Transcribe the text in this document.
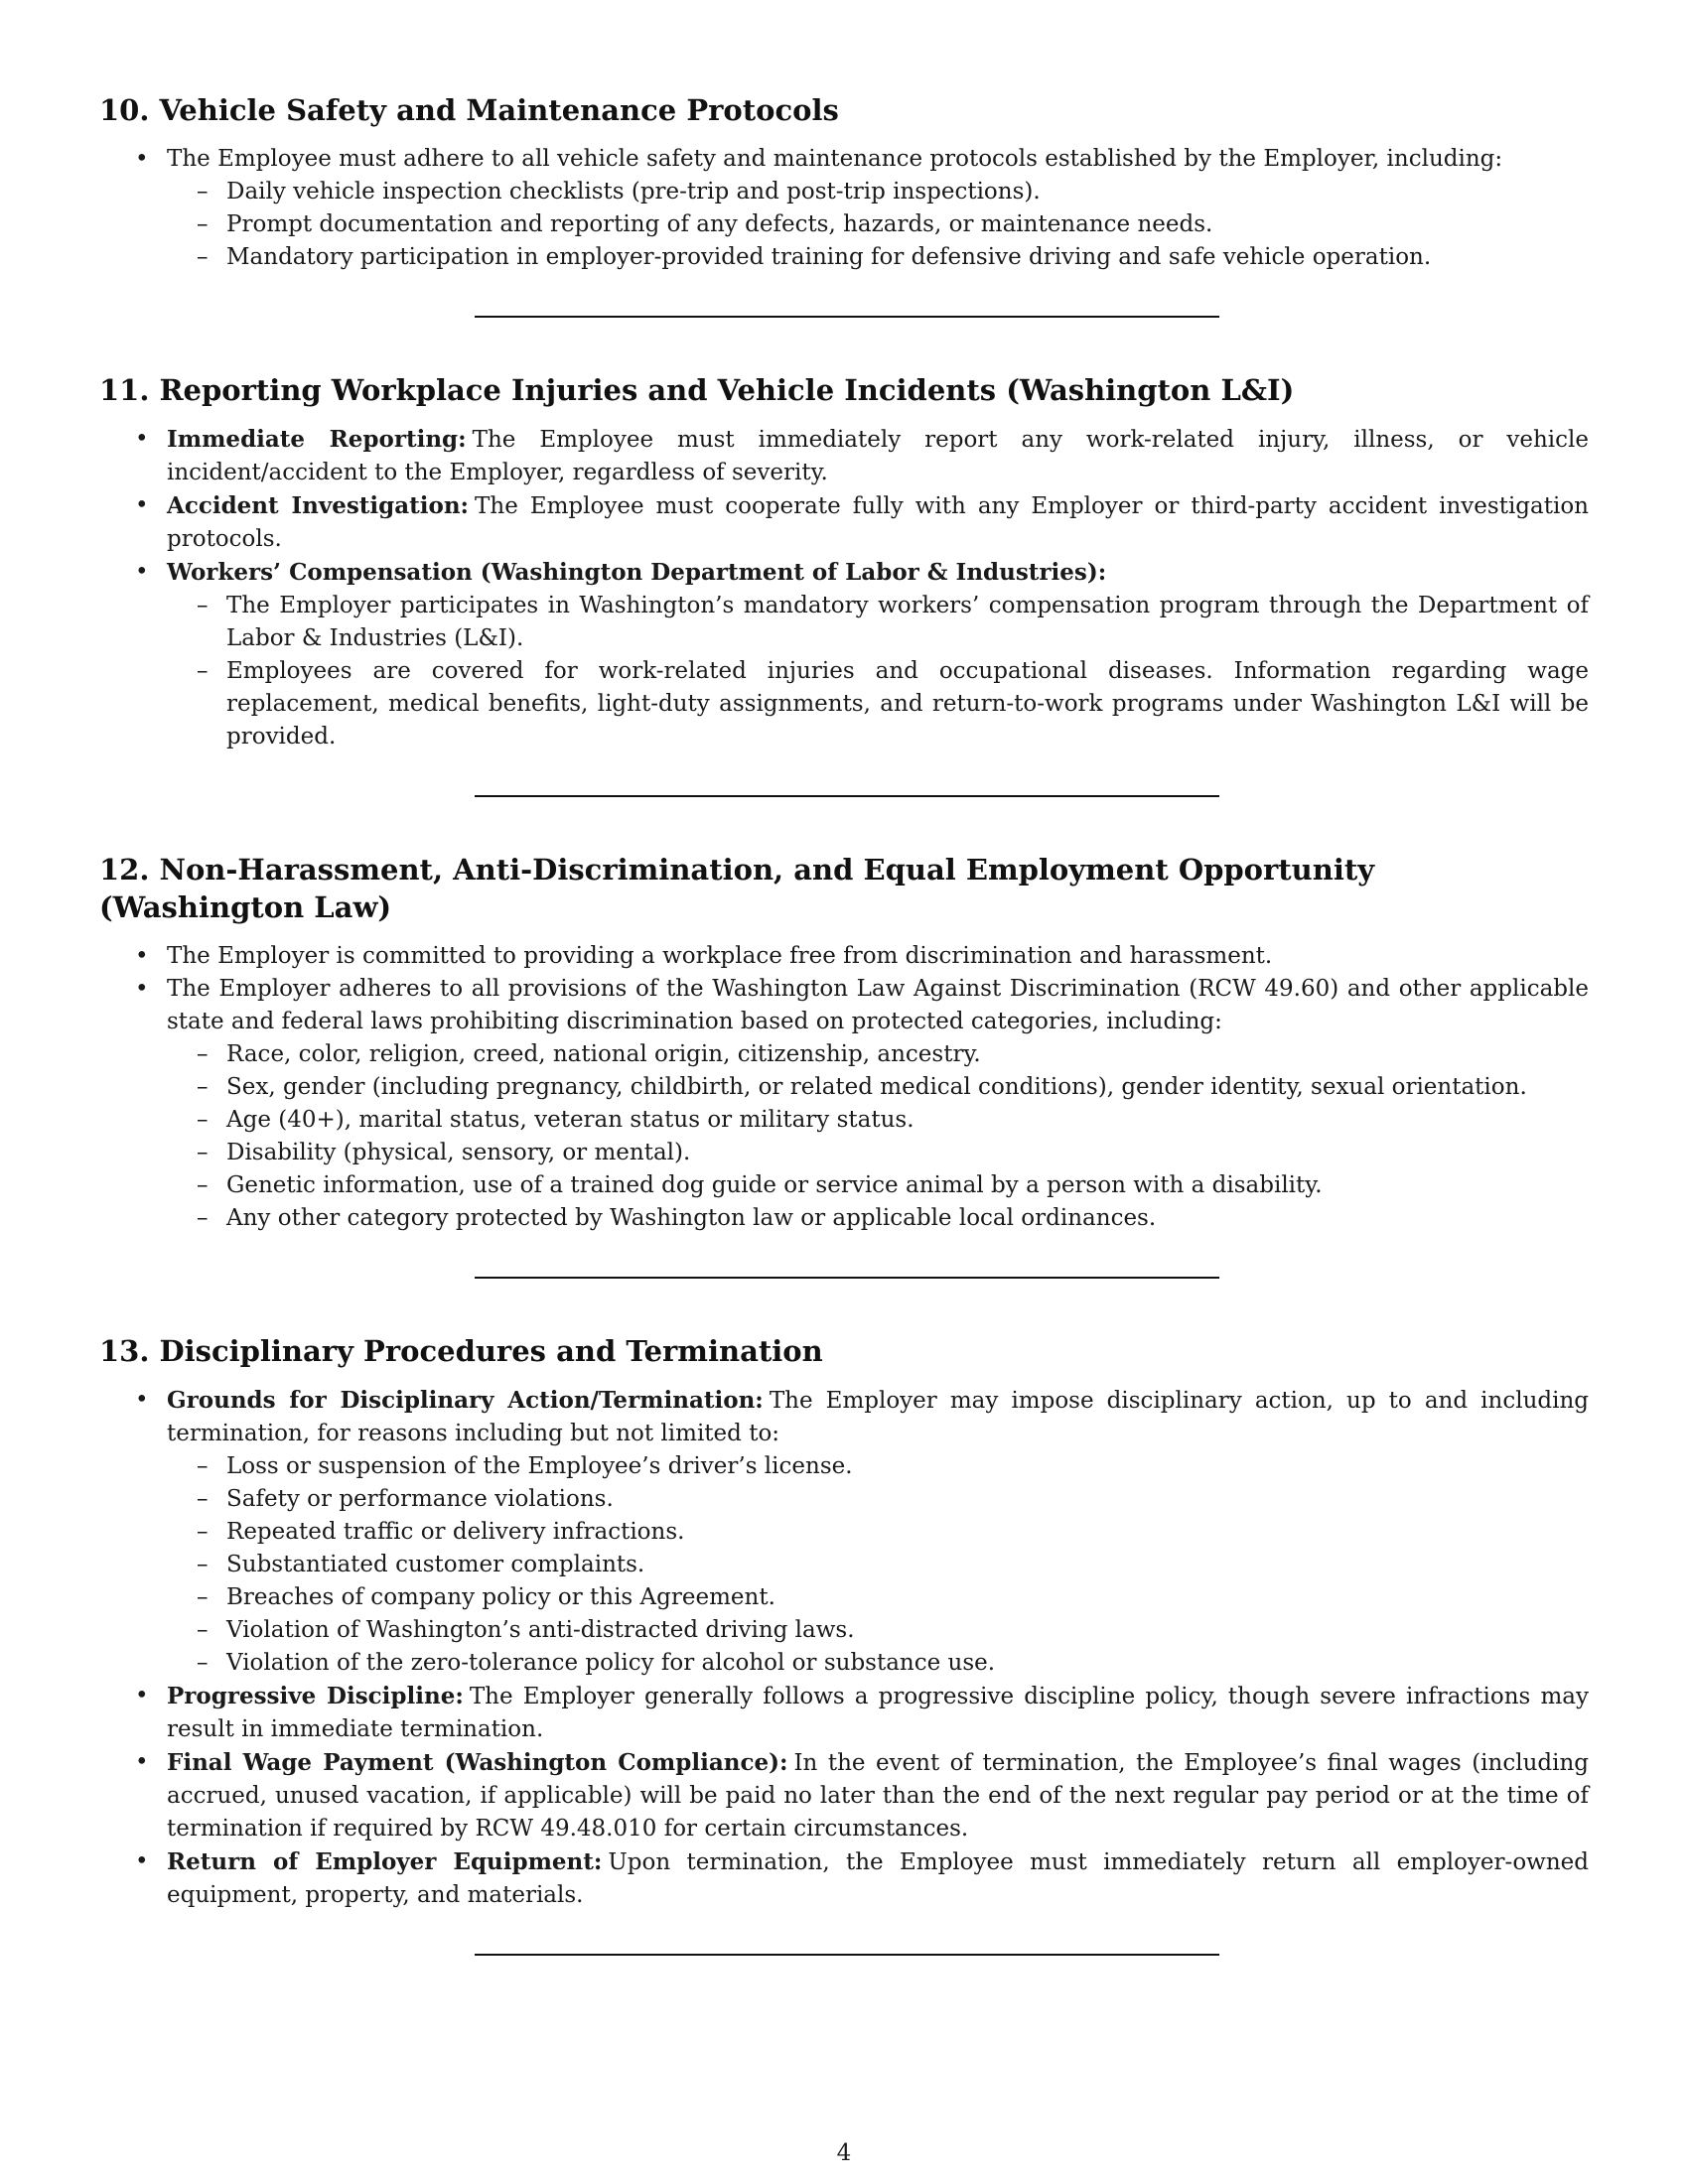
10. Vehicle Safety and Maintenance Protocols
• The Employee must adhere to all vehicle safety and maintenance protocols established by the Employer, including:
– Daily vehicle inspection checklists (pre-trip and post-trip inspections).
– Prompt documentation and reporting of any defects, hazards, or maintenance needs.
– Mandatory participation in employer-provided training for defensive driving and safe vehicle operation.
11. Reporting Workplace Injuries and Vehicle Incidents (Washington L&I)
• Immediate Reporting: The Employee must immediately report any work-related injury, illness, or vehicle incident/accident to the Employer, regardless of severity.
• Accident Investigation: The Employee must cooperate fully with any Employer or third-party accident investigation protocols.
• Workers’ Compensation (Washington Department of Labor & Industries):
– The Employer participates in Washington’s mandatory workers’ compensation program through the Department of Labor & Industries (L&I).
– Employees are covered for work-related injuries and occupational diseases. Information regarding wage replacement, medical benefits, light-duty assignments, and return-to-work programs under Washington L&I will be provided.
12. Non-Harassment, Anti-Discrimination, and Equal Employment Opportunity (Washington Law)
• The Employer is committed to providing a workplace free from discrimination and harassment.
• The Employer adheres to all provisions of the Washington Law Against Discrimination (RCW 49.60) and other applicable state and federal laws prohibiting discrimination based on protected categories, including:
– Race, color, religion, creed, national origin, citizenship, ancestry.
– Sex, gender (including pregnancy, childbirth, or related medical conditions), gender identity, sexual orientation.
– Age (40+), marital status, veteran status or military status.
– Disability (physical, sensory, or mental).
– Genetic information, use of a trained dog guide or service animal by a person with a disability.
– Any other category protected by Washington law or applicable local ordinances.
13. Disciplinary Procedures and Termination
• Grounds for Disciplinary Action/Termination: The Employer may impose disciplinary action, up to and including termination, for reasons including but not limited to:
– Loss or suspension of the Employee’s driver’s license.
– Safety or performance violations.
– Repeated traffic or delivery infractions.
– Substantiated customer complaints.
– Breaches of company policy or this Agreement.
– Violation of Washington’s anti-distracted driving laws.
– Violation of the zero-tolerance policy for alcohol or substance use.
• Progressive Discipline: The Employer generally follows a progressive discipline policy, though severe infractions may result in immediate termination.
• Final Wage Payment (Washington Compliance): In the event of termination, the Employee’s final wages (including accrued, unused vacation, if applicable) will be paid no later than the end of the next regular pay period or at the time of termination if required by RCW 49.48.010 for certain circumstances.
• Return of Employer Equipment: Upon termination, the Employee must immediately return all employer-owned equipment, property, and materials.
4
